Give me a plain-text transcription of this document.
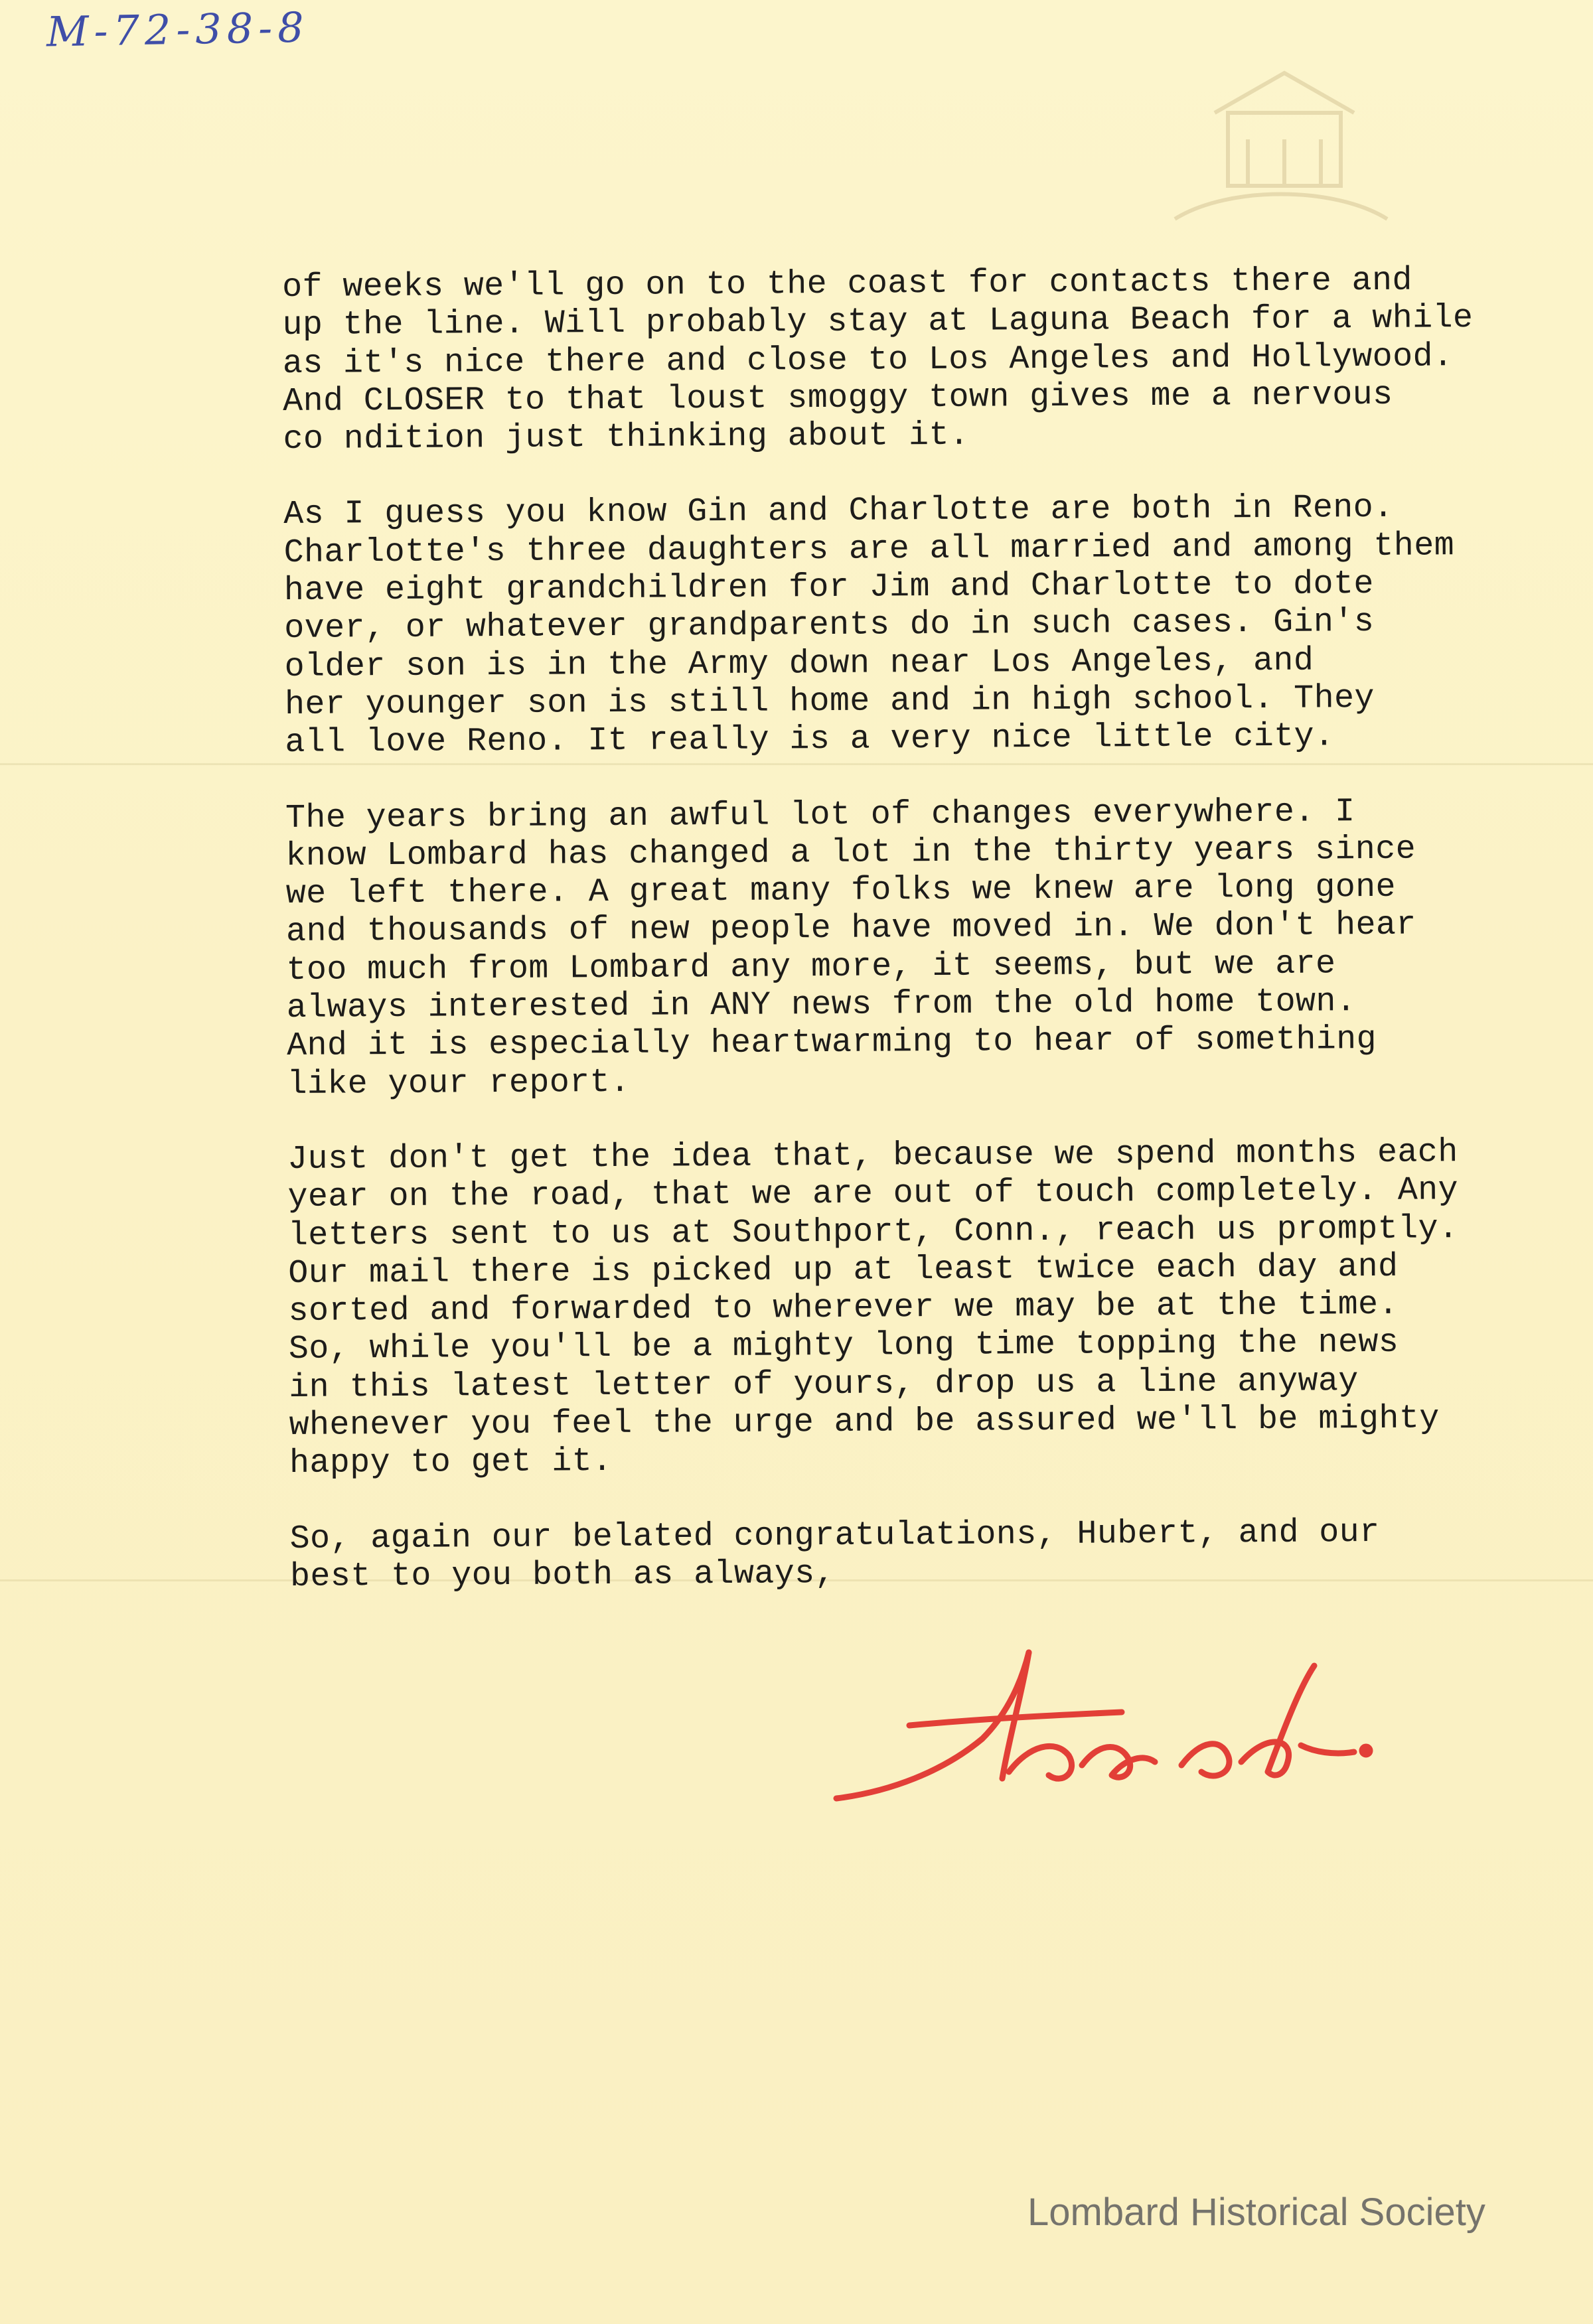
M-72-38-8
of weeks we'll go on to the coast for contacts there and
up the line. Will probably stay at Laguna Beach for a while
as it's nice there and close to Los Angeles and Hollywood.
And CLOSER to that loust smoggy town gives me a nervous
co ndition just thinking about it.
As I guess you know Gin and Charlotte are both in Reno.
Charlotte's three daughters are all married and among them
have eight grandchildren for Jim and Charlotte to dote
over, or whatever grandparents do in such cases. Gin's
older son is in the Army down near Los Angeles, and
her younger son is still home and in high school. They
all love Reno. It really is a very nice little city.
The years bring an awful lot of changes everywhere. I
know Lombard has changed a lot in the thirty years since
we left there. A great many folks we knew are long gone
and thousands of new people have moved in. We don't hear
too much from Lombard any more, it seems, but we are
always interested in ANY news from the old home town.
And it is especially heartwarming to hear of something
like your report.
Just don't get the idea that, because we spend months each
year on the road, that we are out of touch completely. Any
letters sent to us at Southport, Conn., reach us promptly.
Our mail there is picked up at least twice each day and
sorted and forwarded to wherever we may be at the time.
So, while you'll be a mighty long time topping the news
in this latest letter of yours, drop us a line anyway
whenever you feel the urge and be assured we'll be mighty
happy to get it.
So, again our belated congratulations, Hubert, and our
best to you both as always,
Lombard Historical Society
